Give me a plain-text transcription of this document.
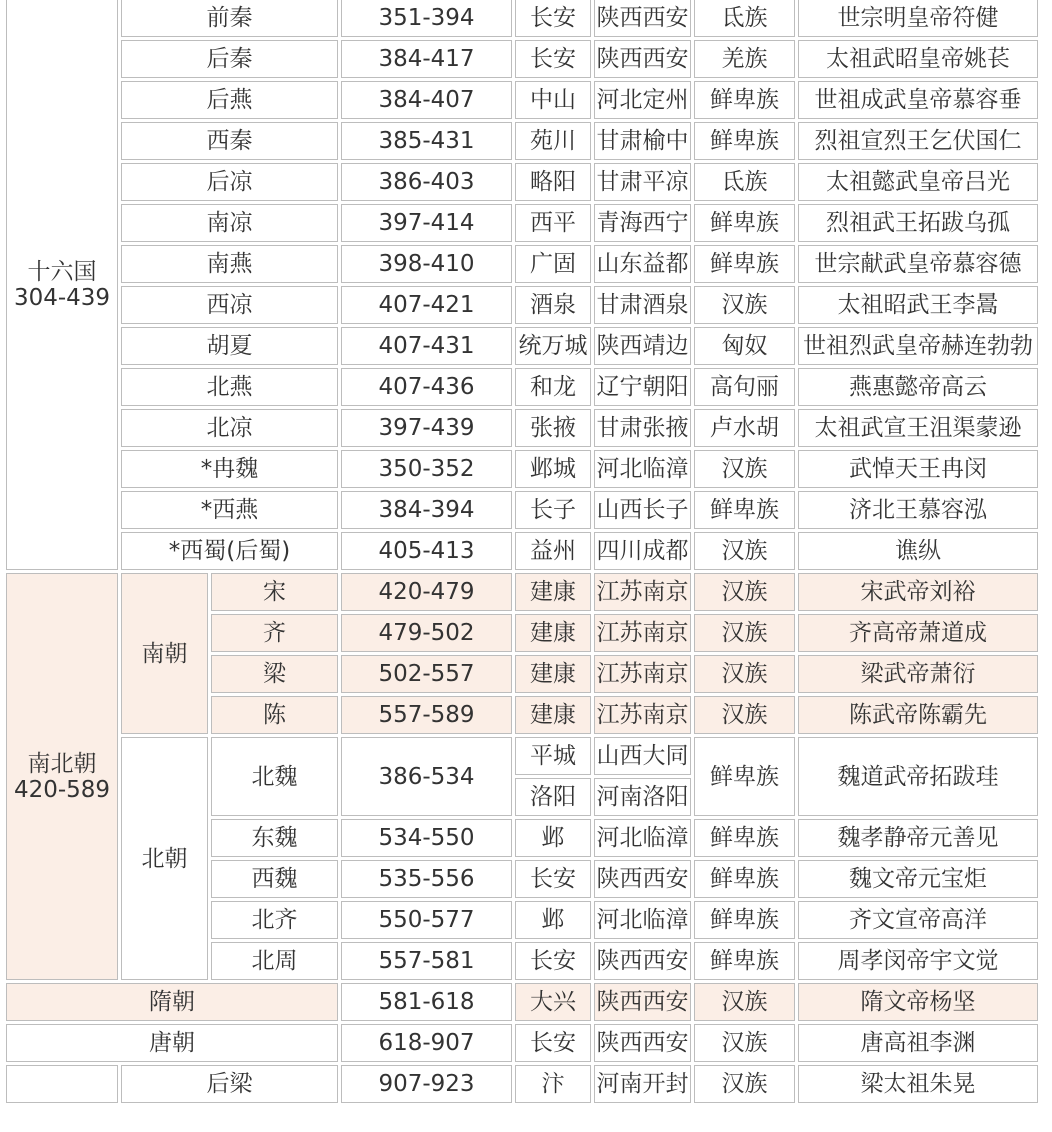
十六国
304-439	前秦		351-394	长安	陕西西安	氐族	世宗明皇帝符健
	后秦		384-417	长安	陕西西安	羌族	太祖武昭皇帝姚苌
	后燕		384-407	中山	河北定州	鲜卑族	世祖成武皇帝慕容垂
	西秦		385-431	苑川	甘肃榆中	鲜卑族	烈祖宣烈王乞伏国仁
	后凉		386-403	略阳	甘肃平凉	氐族	太祖懿武皇帝吕光
	南凉		397-414	西平	青海西宁	鲜卑族	烈祖武王拓跋乌孤
	南燕		398-410	广固	山东益都	鲜卑族	世宗献武皇帝慕容德
	西凉		407-421	酒泉	甘肃酒泉	汉族	太祖昭武王李暠
	胡夏		407-431	统万城	陕西靖边	匈奴	世祖烈武皇帝赫连勃勃
	北燕		407-436	和龙	辽宁朝阳	高句丽	燕惠懿帝高云
	北凉		397-439	张掖	甘肃张掖	卢水胡	太祖武宣王沮渠蒙逊
	*冉魏		350-352	邺城	河北临漳	汉族	武悼天王冉闵
	*西燕		384-394	长子	山西长子	鲜卑族	济北王慕容泓
	*西蜀(后蜀)		405-413	益州	四川成都	汉族	谯纵

南北朝
420-589	南朝	宋	420-479	建康	江苏南京	汉族	宋武帝刘裕
		齐	479-502	建康	江苏南京	汉族	齐高帝萧道成
		梁	502-557	建康	江苏南京	汉族	梁武帝萧衍
		陈	557-589	建康	江苏南京	汉族	陈武帝陈霸先
	北朝	北魏	386-534	平城	山西大同	鲜卑族	魏道武帝拓跋珪
				洛阳	河南洛阳		
		东魏	534-550	邺	河北临漳	鲜卑族	魏孝静帝元善见
		西魏	535-556	长安	陕西西安	鲜卑族	魏文帝元宝炬
		北齐	550-577	邺	河北临漳	鲜卑族	齐文宣帝高洋
		北周	557-581	长安	陕西西安	鲜卑族	周孝闵帝宇文觉
隋朝			581-618	大兴	陕西西安	汉族	隋文帝杨坚
唐朝			618-907	长安	陕西西安	汉族	唐高祖李渊
	后梁		907-923	汴	河南开封	汉族	梁太祖朱晃
